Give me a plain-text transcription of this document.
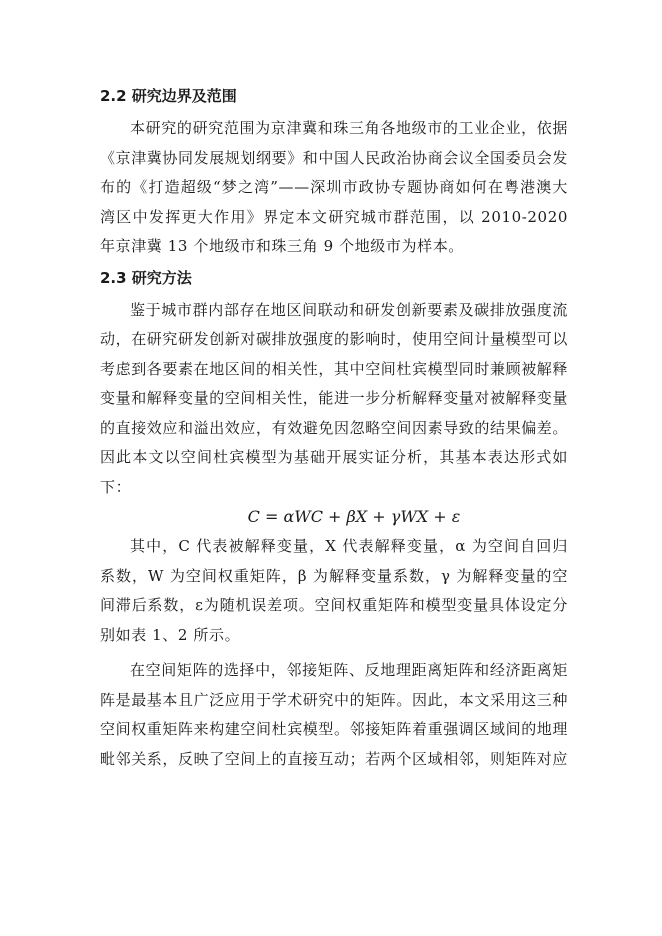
2.2 研究边界及范围

本研究的研究范围为京津冀和珠三角各地级市的工业企业，依据《京津冀协同发展规划纲要》和中国人民政治协商会议全国委员会发布的《打造超级“梦之湾”——深圳市政协专题协商如何在粤港澳大湾区中发挥更大作用》界定本文研究城市群范围，以 2010-2020 年京津冀 13 个地级市和珠三角 9 个地级市为样本。

2.3 研究方法

鉴于城市群内部存在地区间联动和研发创新要素及碳排放强度流动，在研究研发创新对碳排放强度的影响时，使用空间计量模型可以考虑到各要素在地区间的相关性，其中空间杜宾模型同时兼顾被解释变量和解释变量的空间相关性，能进一步分析解释变量对被解释变量的直接效应和溢出效应，有效避免因忽略空间因素导致的结果偏差。因此本文以空间杜宾模型为基础开展实证分析，其基本表达形式如下：

C = αWC + βX + γWX + ε

其中，C 代表被解释变量，X 代表解释变量，α 为空间自回归系数，W 为空间权重矩阵，β 为解释变量系数，γ 为解释变量的空间滞后系数，ε为随机误差项。空间权重矩阵和模型变量具体设定分别如表 1、2 所示。

在空间矩阵的选择中，邻接矩阵、反地理距离矩阵和经济距离矩阵是最基本且广泛应用于学术研究中的矩阵。因此，本文采用这三种空间权重矩阵来构建空间杜宾模型。邻接矩阵着重强调区域间的地理毗邻关系，反映了空间上的直接互动；若两个区域相邻，则矩阵对应
